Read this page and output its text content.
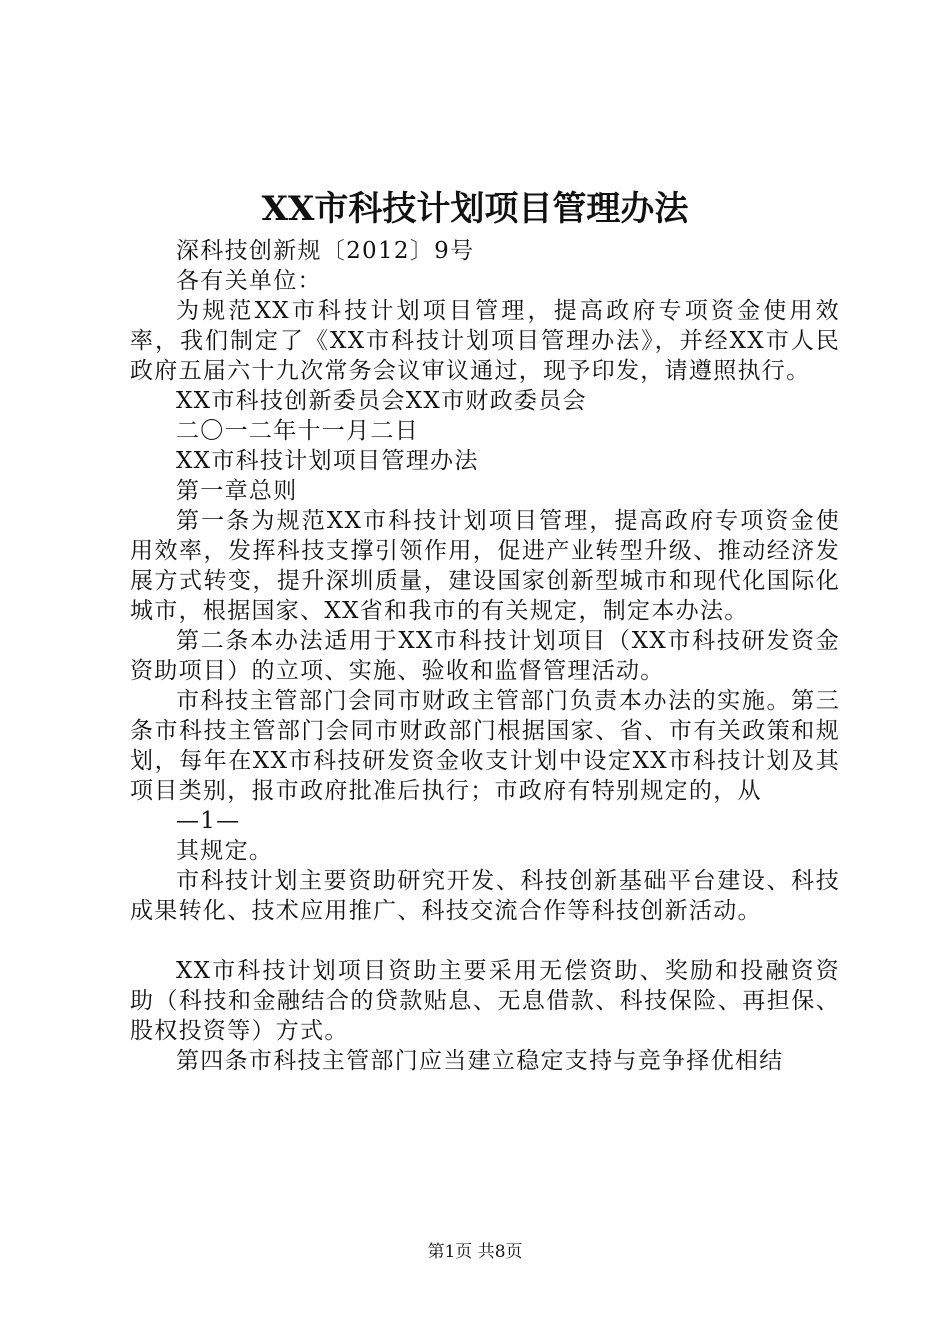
XX市科技计划项目管理办法

深科技创新规〔2012〕9号

各有关单位：

为规范XX市科技计划项目管理，提高政府专项资金使用效率，我们制定了《XX市科技计划项目管理办法》，并经XX市人民政府五届六十九次常务会议审议通过，现予印发，请遵照执行。

XX市科技创新委员会XX市财政委员会

二〇一二年十一月二日

XX市科技计划项目管理办法

第一章总则

第一条为规范XX市科技计划项目管理，提高政府专项资金使用效率，发挥科技支撑引领作用，促进产业转型升级、推动经济发展方式转变，提升深圳质量，建设国家创新型城市和现代化国际化城市，根据国家、XX省和我市的有关规定，制定本办法。

第二条本办法适用于XX市科技计划项目（XX市科技研发资金资助项目）的立项、实施、验收和监督管理活动。

市科技主管部门会同市财政主管部门负责本办法的实施。第三条市科技主管部门会同市财政部门根据国家、省、市有关政策和规划，每年在XX市科技研发资金收支计划中设定XX市科技计划及其项目类别，报市政府批准后执行；市政府有特别规定的，从

—1—

其规定。

市科技计划主要资助研究开发、科技创新基础平台建设、科技成果转化、技术应用推广、科技交流合作等科技创新活动。

XX市科技计划项目资助主要采用无偿资助、奖励和投融资资助（科技和金融结合的贷款贴息、无息借款、科技保险、再担保、股权投资等）方式。

第四条市科技主管部门应当建立稳定支持与竞争择优相结

第1页 共8页
